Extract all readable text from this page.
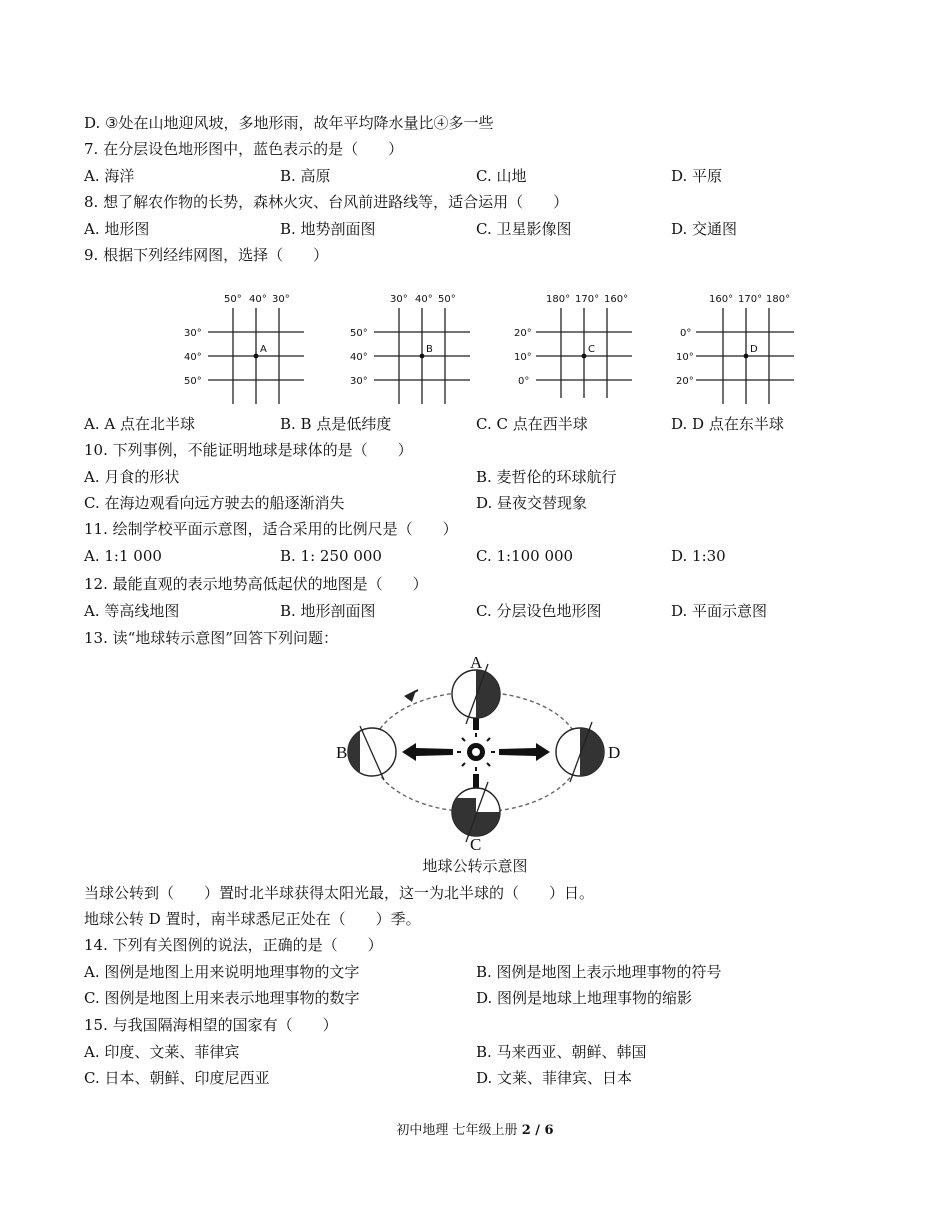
D. ③处在山地迎风坡，多地形雨，故年平均降水量比④多一些
7. 在分层设色地形图中，蓝色表示的是（　　）
A. 海洋	B. 高原	C. 山地	D. 平原
8. 想了解农作物的长势，森林火灾、台风前进路线等，适合运用（　　）
A. 地形图	B. 地势剖面图	C. 卫星影像图	D. 交通图
9. 根据下列经纬网图，选择（　　）
A
50° 40° 30°
30°
40°
50°
B
30° 40° 50°
50°
40°
30°
C
180° 170° 160°
20°
10°
0°
D
160° 170° 180°
0°
10°
20°
A. A 点在北半球	B. B 点是低纬度	C. C 点在西半球	D. D 点在东半球
10. 下列事例，不能证明地球是球体的是（　　）
A. 月食的形状	B. 麦哲伦的环球航行
C. 在海边观看向远方驶去的船逐渐消失	D. 昼夜交替现象
11. 绘制学校平面示意图，适合采用的比例尺是（　　）
A. 1:1 000	B. 1: 250 000	C. 1:100 000	D. 1:30
12. 最能直观的表示地势高低起伏的地图是（　　）
A. 等高线地图	B. 地形剖面图	C. 分层设色地形图	D. 平面示意图
13. 读“地球转示意图”回答下列问题：
A
B
C
D
地球公转示意图
当球公转到（　　）置时北半球获得太阳光最，这一为北半球的（　　）日。
地球公转 D 置时，南半球悉尼正处在（　　）季。
14. 下列有关图例的说法，正确的是（　　）
A. 图例是地图上用来说明地理事物的文字	B. 图例是地图上表示地理事物的符号
C. 图例是地图上用来表示地理事物的数字	D. 图例是地球上地理事物的缩影
15. 与我国隔海相望的国家有（　　）
A. 印度、文莱、菲律宾	B. 马来西亚、朝鲜、韩国
C. 日本、朝鲜、印度尼西亚	D. 文莱、菲律宾、日本
初中地理 七年级上册 2 / 6
